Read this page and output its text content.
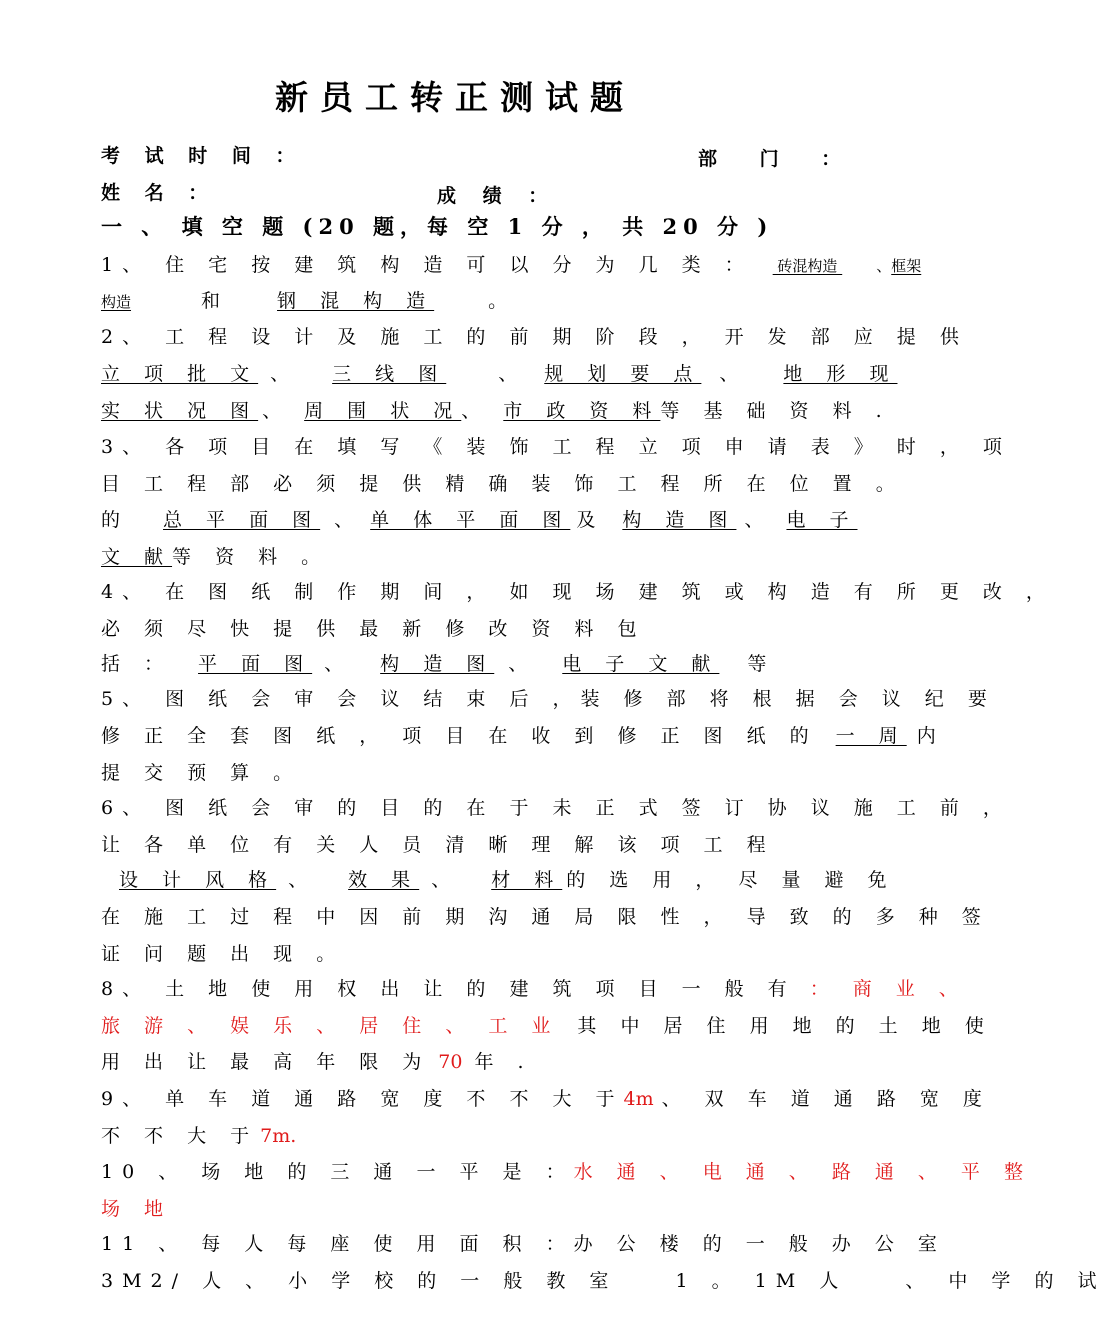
新员工转正测试题
考 试 时 间 ：	部 门 ：
姓 名 ：	成 绩 ：
一 、 填 空 题 (20 题，每 空 1 分 ， 共 20 分 )
1、 住 宅 按 建 筑 构 造 可 以 分 为 几 类 ： 砖混构造 、框架
构造	和	钢 混 构 造	。
2、 工 程 设 计 及 施 工 的 前 期 阶 段 ， 开 发 部 应 提 供
立 项 批 文 、 三 线 图	、 规 划 要 点 、 地 形 现
实 状 况 图 、 周 围 状 况、 市 政 资 料等 基 础 资 料 .
3、 各 项 目 在 填 写 《 装 饰 工 程 立 项 申 请 表 》 时 ， 项
目 工 程 部 必 须 提 供 精 确 装 饰 工 程 所 在 位 置 。
的 总 平 面 图 、 单 体 平 面 图 及 构 造 图 、 电 子
文 献等 资 料 。
4、 在 图 纸 制 作 期 间 ， 如 现 场 建 筑 或 构 造 有 所 更 改 ，
必 须 尽 快 提 供 最 新 修 改 资 料 包
括 ： 平 面 图 、 构 造 图 、 电 子 文 献 等
5、 图 纸 会 审 会 议 结 束 后 ，装 修 部 将 根 据 会 议 纪 要
修 正 全 套 图 纸 ， 项 目 在 收 到 修 正 图 纸 的 一 周 内
提 交 预 算 。
6、 图 纸 会 审 的 目 的 在 于 未 正 式 签 订 协 议 施 工 前 ，
让 各 单 位 有 关 人 员 清 晰 理 解 该 项 工 程
设 计 风 格 、 效 果 、 材 料 的 选 用 ， 尽 量 避 免
在 施 工 过 程 中 因 前 期 沟 通 局 限 性 ， 导 致 的 多 种 签
证 问 题 出 现 。
8、 土 地 使 用 权 出 让 的 建 筑 项 目 一 般 有 ： 商 业 、
旅 游 、 娱 乐 、 居 住 、 工 业 其 中 居 住 用 地 的 土 地 使
用 出 让 最 高 年 限 为 70 年 .
9、 单 车 道 通 路 宽 度 不 不 大 于4m 、 双 车 道 通 路 宽 度
不 不 大 于 7m.
10 、 场 地 的 三 通 一 平 是 ：水 通 、 电 通 、 路 通 、 平 整
场 地
11 、 每 人 每 座 使 用 面 积 ：办 公 楼 的 一 般 办 公 室
3M2/ 人 、 小 学 校 的 一 般 教 室 　 1 。 1M 人 　 、 中 学 的 试
